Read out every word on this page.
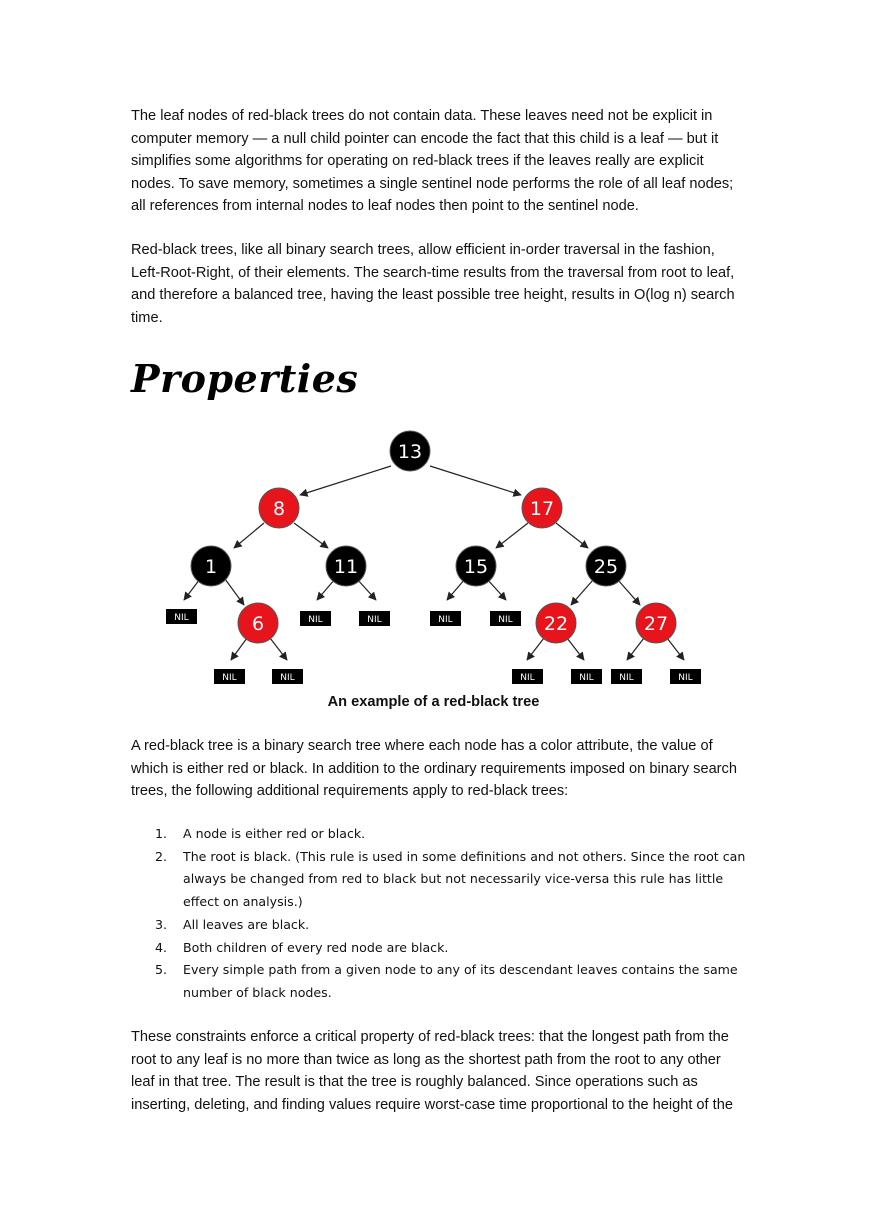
The leaf nodes of red-black trees do not contain data. These leaves need not be explicit in computer memory — a null child pointer can encode the fact that this child is a leaf — but it simplifies some algorithms for operating on red-black trees if the leaves really are explicit nodes. To save memory, sometimes a single sentinel node performs the role of all leaf nodes; all references from internal nodes to leaf nodes then point to the sentinel node.

Red-black trees, like all binary search trees, allow efficient in-order traversal in the fashion, Left-Root-Right, of their elements. The search-time results from the traversal from root to leaf, and therefore a balanced tree, having the least possible tree height, results in O(log n) search time.

Properties
NIL	NIL	NIL	NIL	NIL
NIL	NIL	NIL	NIL	NIL	NIL
13
8	17
1	11	15	25
6	22	27

An example of a red-black tree

A red-black tree is a binary search tree where each node has a color attribute, the value of which is either red or black. In addition to the ordinary requirements imposed on binary search trees, the following additional requirements apply to red-black trees:

1. A node is either red or black.
2. The root is black. (This rule is used in some definitions and not others. Since the root can always be changed from red to black but not necessarily vice-versa this rule has little effect on analysis.)
3. All leaves are black.
4. Both children of every red node are black.
5. Every simple path from a given node to any of its descendant leaves contains the same number of black nodes.

These constraints enforce a critical property of red-black trees: that the longest path from the root to any leaf is no more than twice as long as the shortest path from the root to any other leaf in that tree. The result is that the tree is roughly balanced. Since operations such as inserting, deleting, and finding values require worst-case time proportional to the height of the
